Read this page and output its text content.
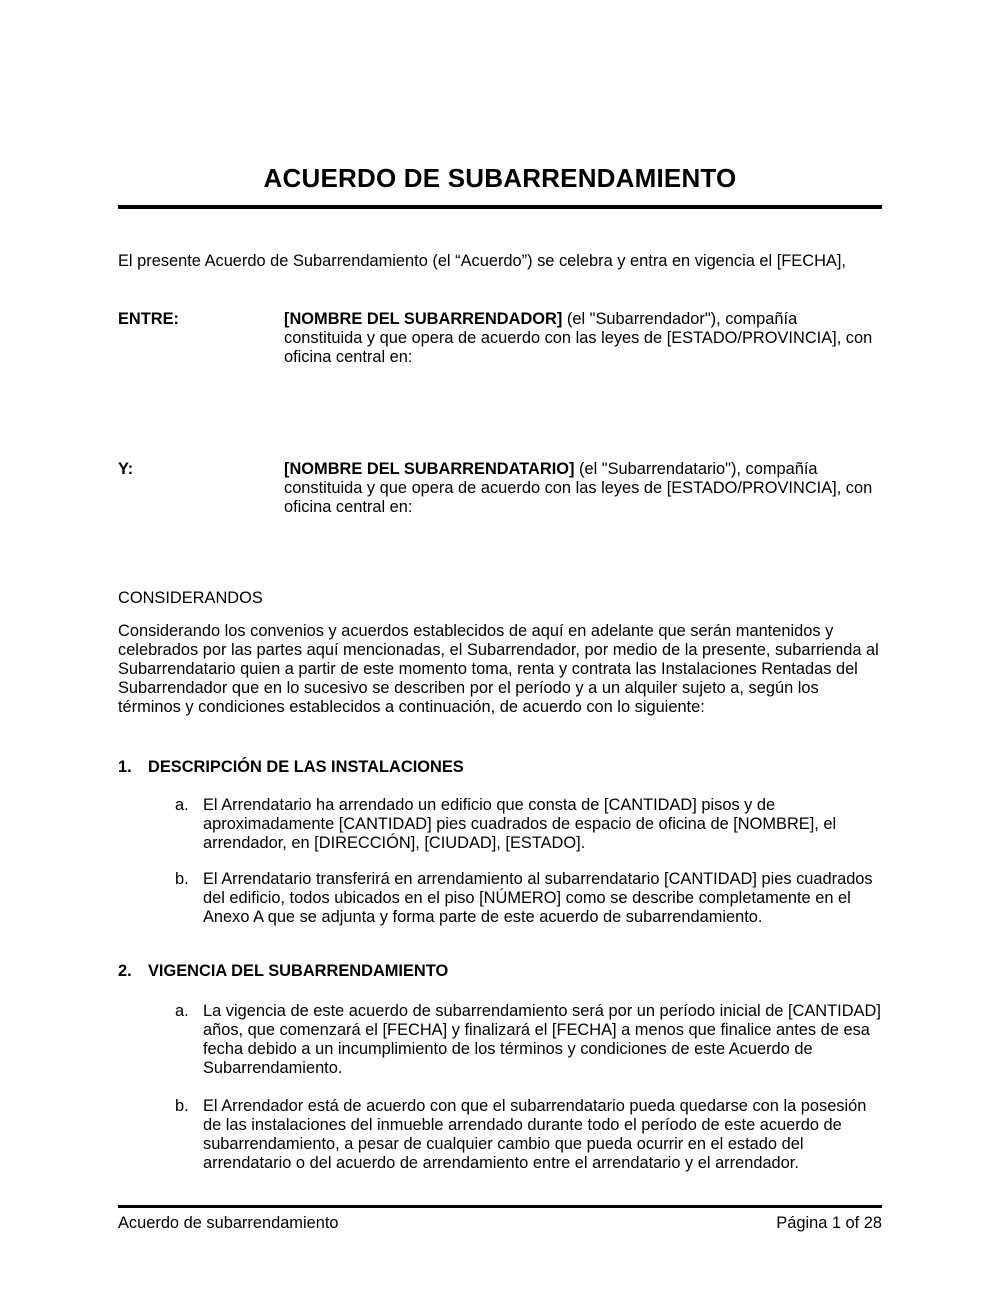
ACUERDO DE SUBARRENDAMIENTO

El presente Acuerdo de Subarrendamiento (el “Acuerdo”) se celebra y entra en vigencia el [FECHA],

ENTRE:	[NOMBRE DEL SUBARRENDADOR] (el "Subarrendador"), compañía constituida y que opera de acuerdo con las leyes de [ESTADO/PROVINCIA], con oficina central en:
Y:	[NOMBRE DEL SUBARRENDATARIO] (el "Subarrendatario"), compañía constituida y que opera de acuerdo con las leyes de [ESTADO/PROVINCIA], con oficina central en:

CONSIDERANDOS

Considerando los convenios y acuerdos establecidos de aquí en adelante que serán mantenidos y celebrados por las partes aquí mencionadas, el Subarrendador, por medio de la presente, subarrienda al Subarrendatario quien a partir de este momento toma, renta y contrata las Instalaciones Rentadas del Subarrendador que en lo sucesivo se describen por el período y a un alquiler sujeto a, según los términos y condiciones establecidos a continuación, de acuerdo con lo siguiente:

1. DESCRIPCIÓN DE LAS INSTALACIONES
a. El Arrendatario ha arrendado un edificio que consta de [CANTIDAD] pisos y de aproximadamente [CANTIDAD] pies cuadrados de espacio de oficina de [NOMBRE], el arrendador, en [DIRECCIÓN], [CIUDAD], [ESTADO].
b. El Arrendatario transferirá en arrendamiento al subarrendatario [CANTIDAD] pies cuadrados del edificio, todos ubicados en el piso [NÚMERO] como se describe completamente en el Anexo A que se adjunta y forma parte de este acuerdo de subarrendamiento.
2. VIGENCIA DEL SUBARRENDAMIENTO
a. La vigencia de este acuerdo de subarrendamiento será por un período inicial de [CANTIDAD] años, que comenzará el [FECHA] y finalizará el [FECHA] a menos que finalice antes de esa fecha debido a un incumplimiento de los términos y condiciones de este Acuerdo de Subarrendamiento.
b. El Arrendador está de acuerdo con que el subarrendatario pueda quedarse con la posesión de las instalaciones del inmueble arrendado durante todo el período de este acuerdo de subarrendamiento, a pesar de cualquier cambio que pueda ocurrir en el estado del arrendatario o del acuerdo de arrendamiento entre el arrendatario y el arrendador.
Acuerdo de subarrendamiento	Página 1 of 28
